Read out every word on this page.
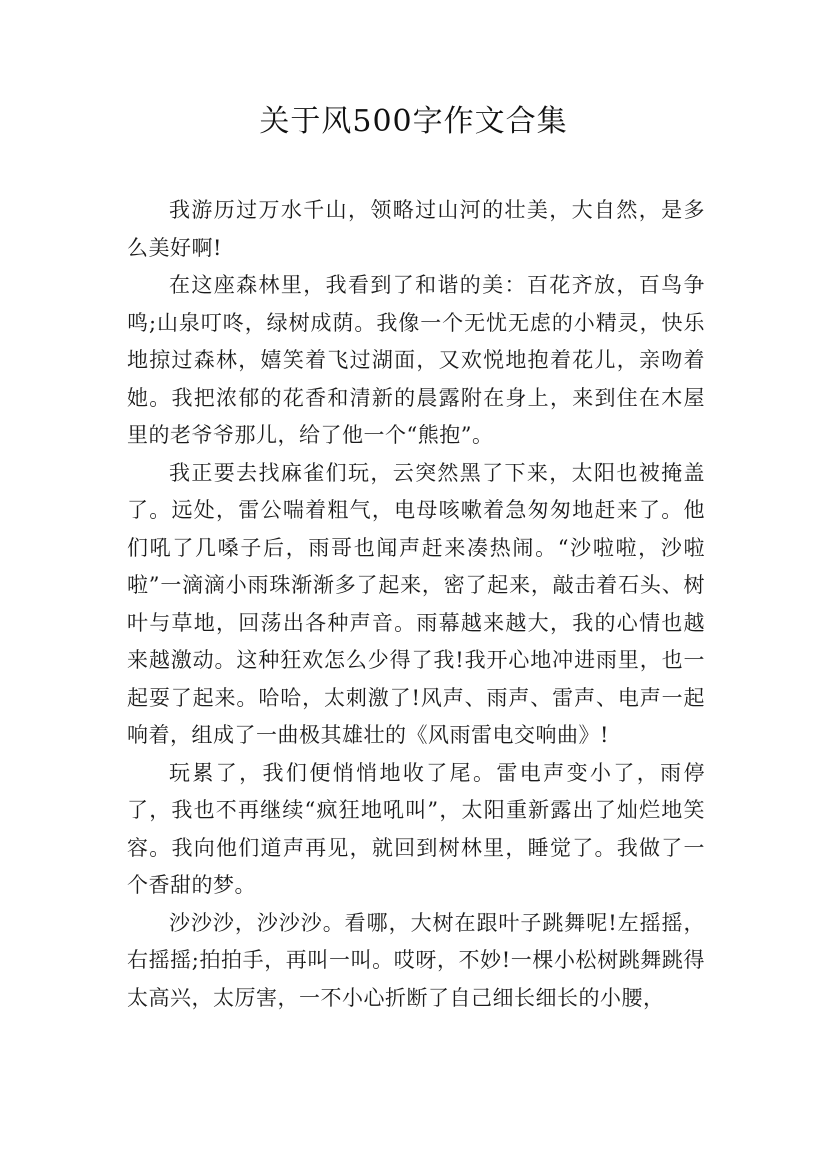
关于风500字作文合集

我游历过万水千山，领略过山河的壮美，大自然，是多么美好啊!

在这座森林里，我看到了和谐的美：百花齐放，百鸟争鸣;山泉叮咚，绿树成荫。我像一个无忧无虑的小精灵，快乐地掠过森林，嬉笑着飞过湖面，又欢悦地抱着花儿，亲吻着她。我把浓郁的花香和清新的晨露附在身上，来到住在木屋里的老爷爷那儿，给了他一个“熊抱”。

我正要去找麻雀们玩，云突然黑了下来，太阳也被掩盖了。远处，雷公喘着粗气，电母咳嗽着急匆匆地赶来了。他们吼了几嗓子后，雨哥也闻声赶来凑热闹。“沙啦啦，沙啦啦”一滴滴小雨珠渐渐多了起来，密了起来，敲击着石头、树叶与草地，回荡出各种声音。雨幕越来越大，我的心情也越来越激动。这种狂欢怎么少得了我!我开心地冲进雨里，也一起耍了起来。哈哈，太刺激了!风声、雨声、雷声、电声一起响着，组成了一曲极其雄壮的《风雨雷电交响曲》!

玩累了，我们便悄悄地收了尾。雷电声变小了，雨停了，我也不再继续“疯狂地吼叫”，太阳重新露出了灿烂地笑容。我向他们道声再见，就回到树林里，睡觉了。我做了一个香甜的梦。

沙沙沙，沙沙沙。看哪，大树在跟叶子跳舞呢!左摇摇，右摇摇;拍拍手，再叫一叫。哎呀，不妙!一棵小松树跳舞跳得太高兴，太厉害，一不小心折断了自己细长细长的小腰，
